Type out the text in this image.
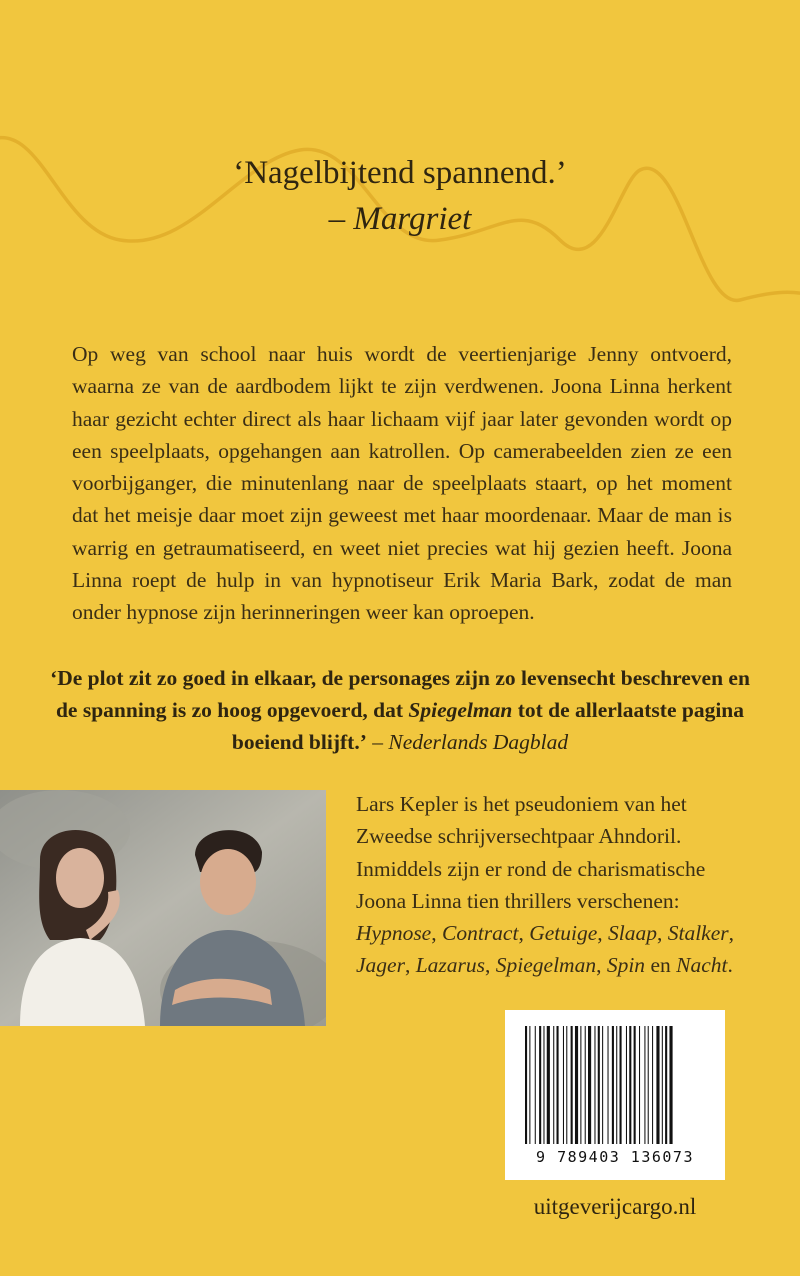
‘Nagelbijtend spannend.’
– Margriet

Op weg van school naar huis wordt de veertienjarige Jenny ontvoerd, waarna ze van de aardbodem lijkt te zijn verdwenen. Joona Linna herkent haar gezicht echter direct als haar lichaam vijf jaar later gevonden wordt op een speelplaats, opgehangen aan katrollen. Op camerabeelden zien ze een voorbijganger, die minutenlang naar de speelplaats staart, op het moment dat het meisje daar moet zijn geweest met haar moordenaar. Maar de man is warrig en getraumatiseerd, en weet niet precies wat hij gezien heeft. Joona Linna roept de hulp in van hypnotiseur Erik Maria Bark, zodat de man onder hypnose zijn herinneringen weer kan oproepen.

‘De plot zit zo goed in elkaar, de personages zijn zo levensecht beschreven en de spanning is zo hoog opgevoerd, dat Spiegelman tot de allerlaatste pagina boeiend blijft.’ – Nederlands Dagblad
Lars Kepler is het pseudoniem van het Zweedse schrijversechtpaar Ahndoril. Inmiddels zijn er rond de charismatische Joona Linna tien thrillers verschenen: Hypnose, Contract, Getuige, Slaap, Stalker, Jager, Lazarus, Spiegelman, Spin en Nacht.
9 789403 136073
uitgeverijcargo.nl
